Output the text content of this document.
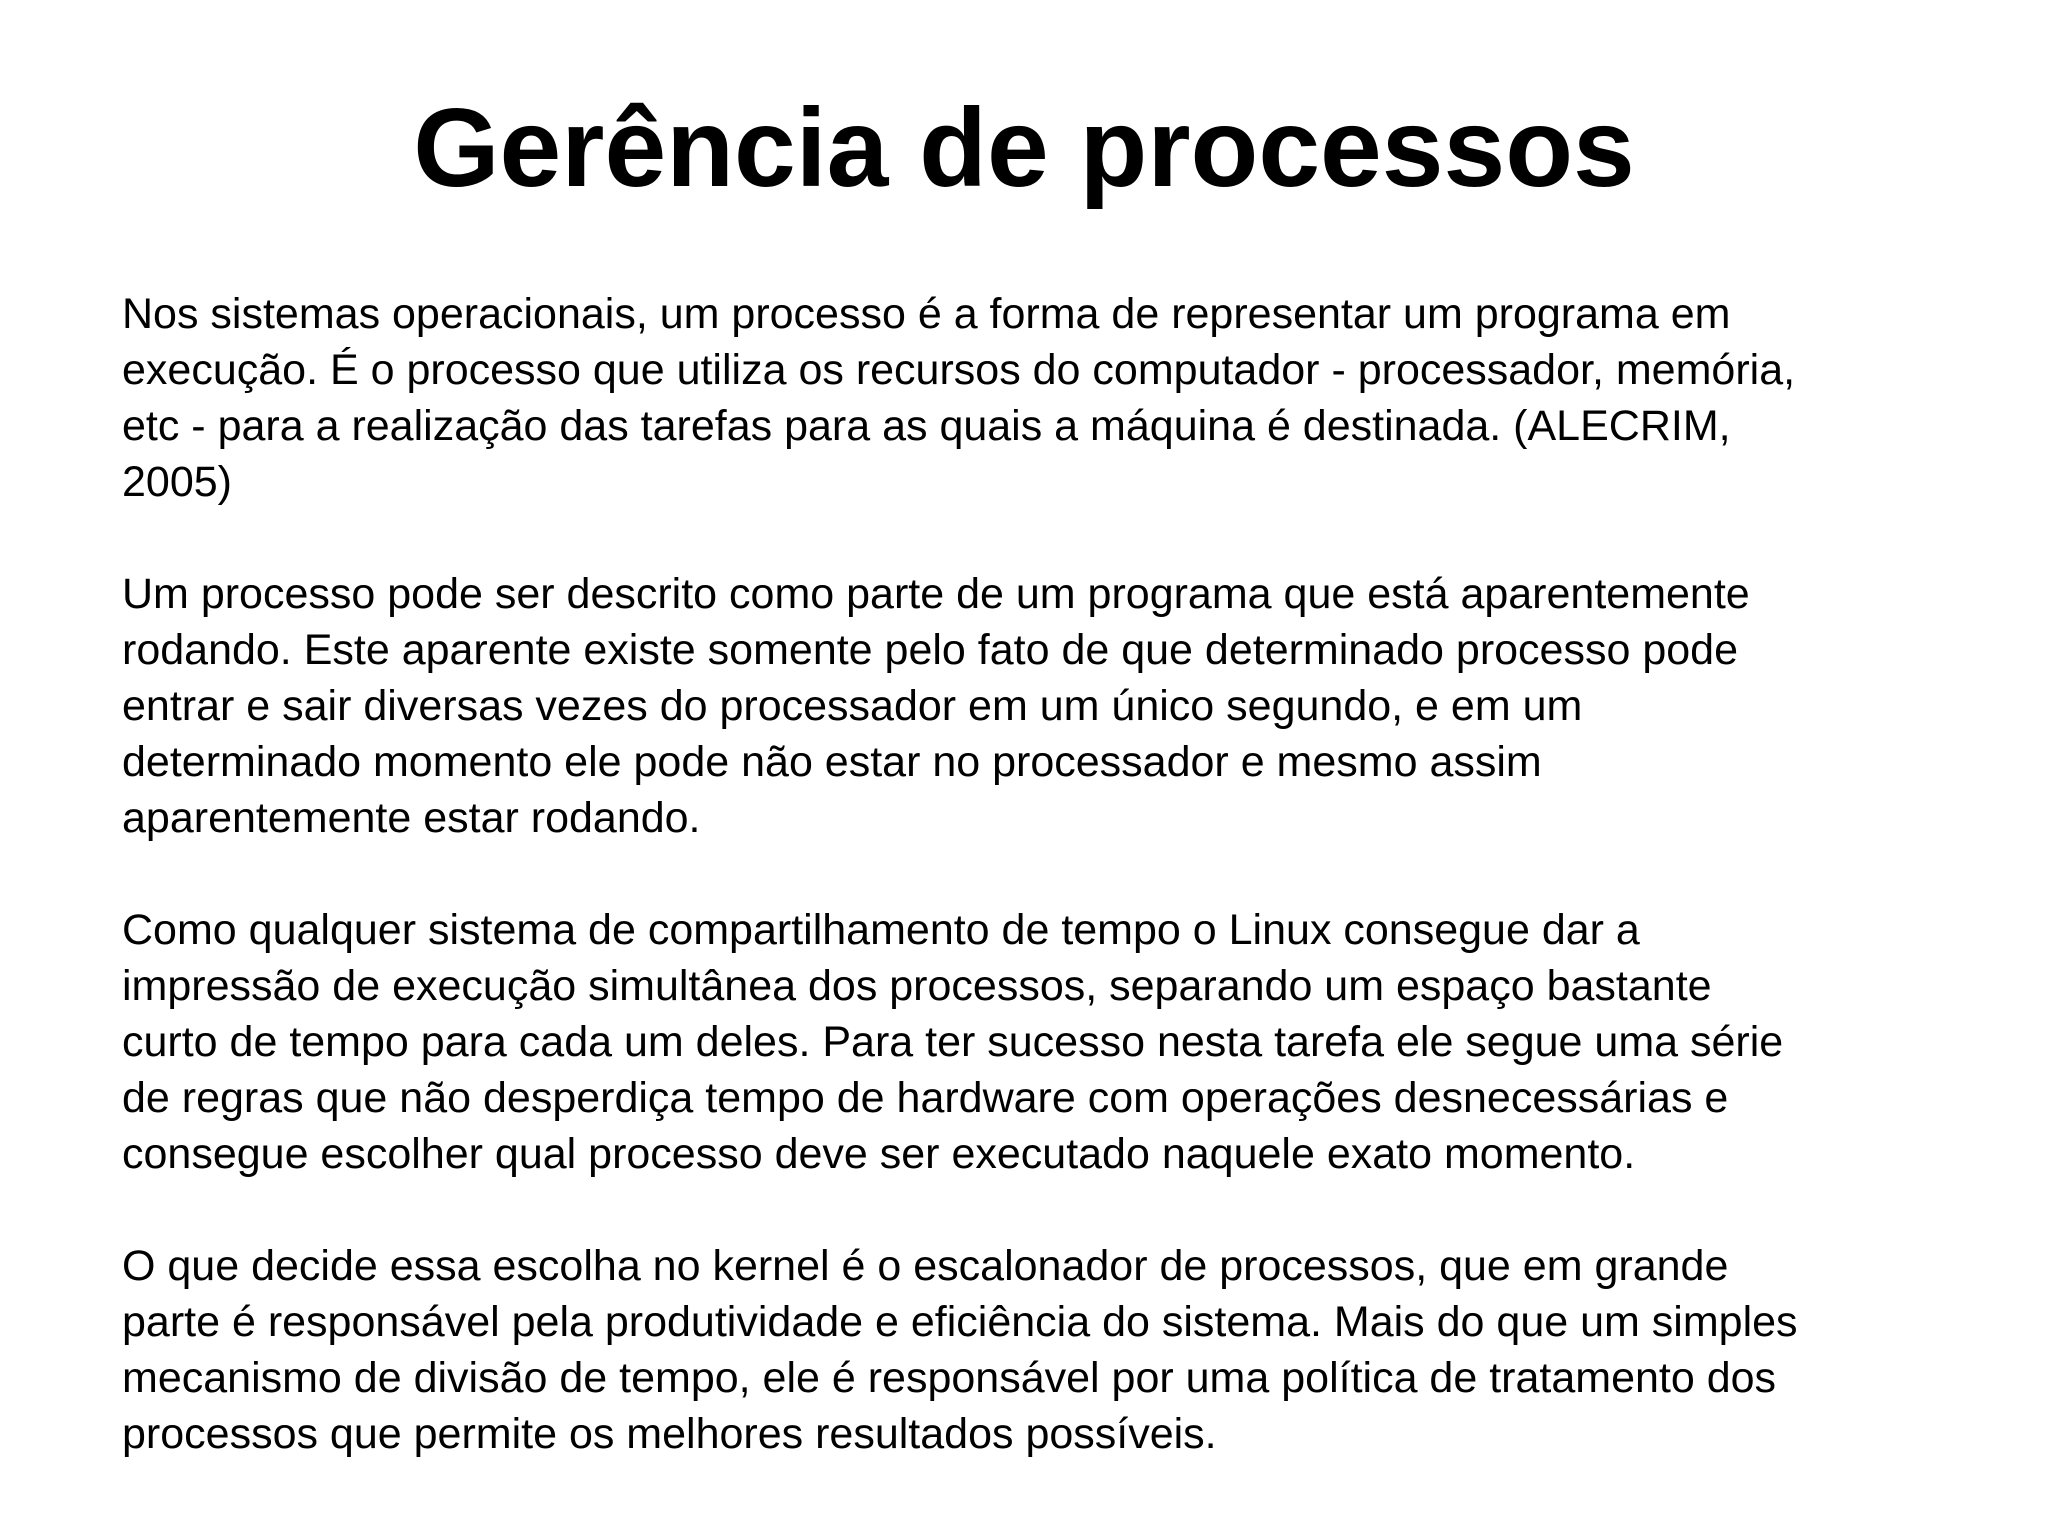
Gerência de processos

Nos sistemas operacionais, um processo é a forma de representar um programa em
execução. É o processo que utiliza os recursos do computador - processador, memória,
etc - para a realização das tarefas para as quais a máquina é destinada. (ALECRIM,
2005)

Um processo pode ser descrito como parte de um programa que está aparentemente
rodando. Este aparente existe somente pelo fato de que determinado processo pode
entrar e sair diversas vezes do processador em um único segundo, e em um
determinado momento ele pode não estar no processador e mesmo assim
aparentemente estar rodando.

Como qualquer sistema de compartilhamento de tempo o Linux consegue dar a
impressão de execução simultânea dos processos, separando um espaço bastante
curto de tempo para cada um deles. Para ter sucesso nesta tarefa ele segue uma série
de regras que não desperdiça tempo de hardware com operações desnecessárias e
consegue escolher qual processo deve ser executado naquele exato momento.

O que decide essa escolha no kernel é o escalonador de processos, que em grande
parte é responsável pela produtividade e eficiência do sistema. Mais do que um simples
mecanismo de divisão de tempo, ele é responsável por uma política de tratamento dos
processos que permite os melhores resultados possíveis.
